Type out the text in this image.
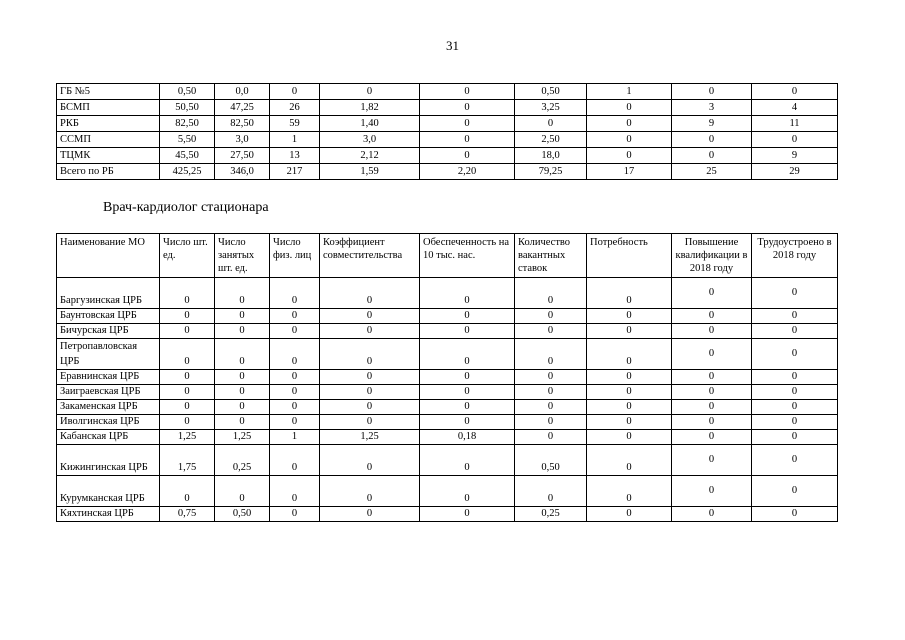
31
ГБ №5	0,50	0,0	0	0	0	0,50	1	0	0
БСМП	50,50	47,25	26	1,82	0	3,25	0	3	4
РКБ	82,50	82,50	59	1,40	0	0	0	9	11
ССМП	5,50	3,0	1	3,0	0	2,50	0	0	0
ТЦМК	45,50	27,50	13	2,12	0	18,0	0	0	9
Всего по РБ	425,25	346,0	217	1,59	2,20	79,25	17	25	29
Врач-кардиолог стационара
Наименование МО	Число шт. ед.	Число занятых шт. ед.	Число физ. лиц	Коэффициент совместительства	Обеспеченность на 10 тыс. нас.	Количество вакантных ставок	Потребность	Повышение квалификации в 2018 году	Трудоустроено в 2018 году
Баргузинская ЦРБ	0	0	0	0	0	0	0	0	0
Баунтовская ЦРБ	0	0	0	0	0	0	0	0	0
Бичурская ЦРБ	0	0	0	0	0	0	0	0	0
Петропавловская ЦРБ	0	0	0	0	0	0	0	0	0
Еравнинская ЦРБ	0	0	0	0	0	0	0	0	0
Заиграевская ЦРБ	0	0	0	0	0	0	0	0	0
Закаменская ЦРБ	0	0	0	0	0	0	0	0	0
Иволгинская ЦРБ	0	0	0	0	0	0	0	0	0
Кабанская ЦРБ	1,25	1,25	1	1,25	0,18	0	0	0	0
Кижингинская ЦРБ	1,75	0,25	0	0	0	0,50	0	0	0
Курумканская ЦРБ	0	0	0	0	0	0	0	0	0
Кяхтинская ЦРБ	0,75	0,50	0	0	0	0,25	0	0	0
